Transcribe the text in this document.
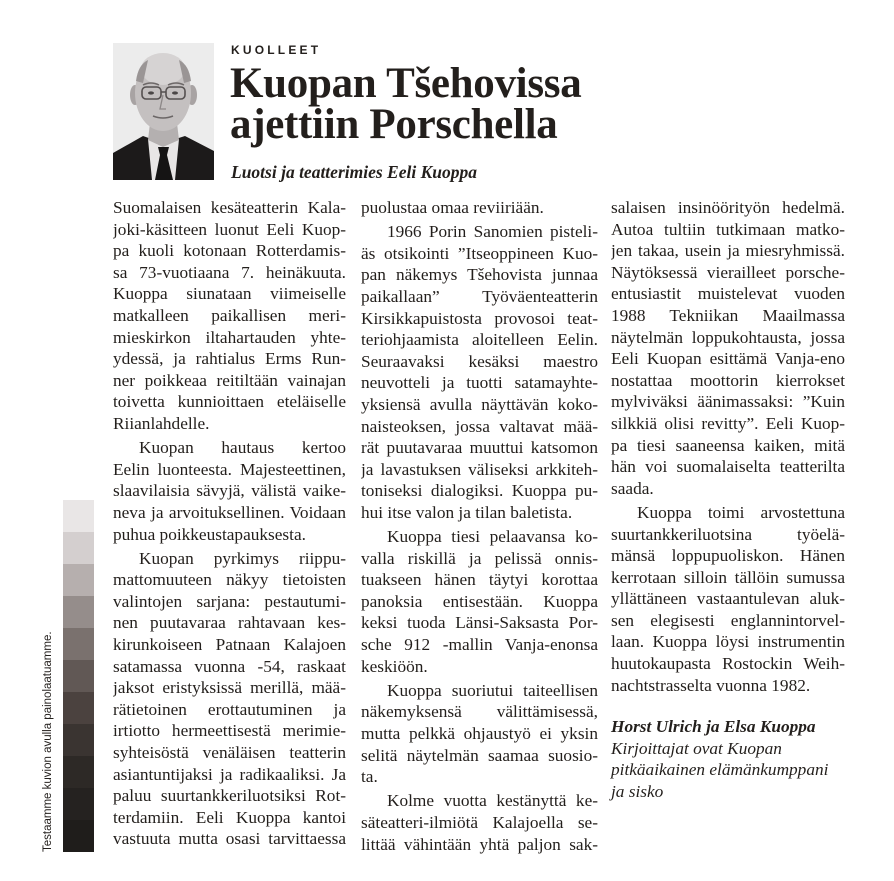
KUOLLEET
Kuopan Tšehovissa
ajettiin Porschella
Luotsi ja teatterimies Eeli Kuoppa
Suomalaisen kesäteatterin Kala-
joki-käsitteen luonut Eeli Kuop-
pa kuoli kotonaan Rotterdamis-
sa 73-vuotiaana 7. heinäkuuta.
Kuoppa siunataan viimeiselle
matkalleen paikallisen meri-
mieskirkon iltahartauden yhte-
ydessä, ja rahtialus Erms Run-
ner poikkeaa reitiltään vainajan
toivetta kunnioittaen eteläiselle
Riianlahdelle.
Kuopan hautaus kertoo
Eelin luonteesta. Majesteettinen,
slaavilaisia sävyjä, välistä vaike-
neva ja arvoituksellinen. Voidaan
puhua poikkeustapauksesta.
Kuopan pyrkimys riippu-
mattomuuteen näkyy tietoisten
valintojen sarjana: pestautumi-
nen puutavaraa rahtavaan kes-
kirunkoiseen Patnaan Kalajoen
satamassa vuonna -54, raskaat
jaksot eristyksissä merillä, mää-
rätietoinen erottautuminen ja
irtiotto hermeettisestä merimie-
syhteisöstä venäläisen teatterin
asiantuntijaksi ja radikaaliksi. Ja
paluu suurtankkeriluotsiksi Rot-
terdamiin. Eeli Kuoppa kantoi
vastuuta mutta osasi tarvittaessa
puolustaa omaa reviiriään.
1966 Porin Sanomien pisteli-
äs otsikointi ”Itseoppineen Kuo-
pan näkemys Tšehovista junnaa
paikallaan” Työväenteatterin
Kirsikkapuistosta provosoi teat-
teriohjaamista aloitelleen Eelin.
Seuraavaksi kesäksi maestro
neuvotteli ja tuotti satamayhte-
yksiensä avulla näyttävän koko-
naisteoksen, jossa valtavat mää-
rät puutavaraa muuttui katsomon
ja lavastuksen väliseksi arkkiteh-
toniseksi dialogiksi. Kuoppa pu-
hui itse valon ja tilan baletista.
Kuoppa tiesi pelaavansa ko-
valla riskillä ja pelissä onnis-
tuakseen hänen täytyi korottaa
panoksia entisestään. Kuoppa
keksi tuoda Länsi-Saksasta Por-
sche 912 -mallin Vanja-enonsa
keskiöön.
Kuoppa suoriutui taiteellisen
näkemyksensä välittämisessä,
mutta pelkkä ohjaustyö ei yksin
selitä näytelmän saamaa suosio-
ta.
Kolme vuotta kestänyttä ke-
säteatteri-ilmiötä Kalajoella se-
littää vähintään yhtä paljon sak-
salaisen insinöörityön hedelmä.
Autoa tultiin tutkimaan matko-
jen takaa, usein ja miesryhmissä.
Näytöksessä vierailleet porsche-
entusiastit muistelevat vuoden
1988 Tekniikan Maailmassa
näytelmän loppukohtausta, jossa
Eeli Kuopan esittämä Vanja-eno
nostattaa moottorin kierrokset
mylviväksi äänimassaksi: ”Kuin
silkkiä olisi revitty”. Eeli Kuop-
pa tiesi saaneensa kaiken, mitä
hän voi suomalaiselta teatterilta
saada.
Kuoppa toimi arvostettuna
suurtankkeriluotsina työelä-
mänsä loppupuoliskon. Hänen
kerrotaan silloin tällöin sumussa
yllättäneen vastaantulevan aluk-
sen elegisesti englannintorvel-
laan. Kuoppa löysi instrumentin
huutokaupasta Rostockin Weih-
nachtstrasselta vuonna 1982.
Horst Ulrich ja Elsa Kuoppa
Kirjoittajat ovat Kuopan
pitkäaikainen elämänkumppani
ja sisko
Testaamme kuvion avulla painolaatuamme.
